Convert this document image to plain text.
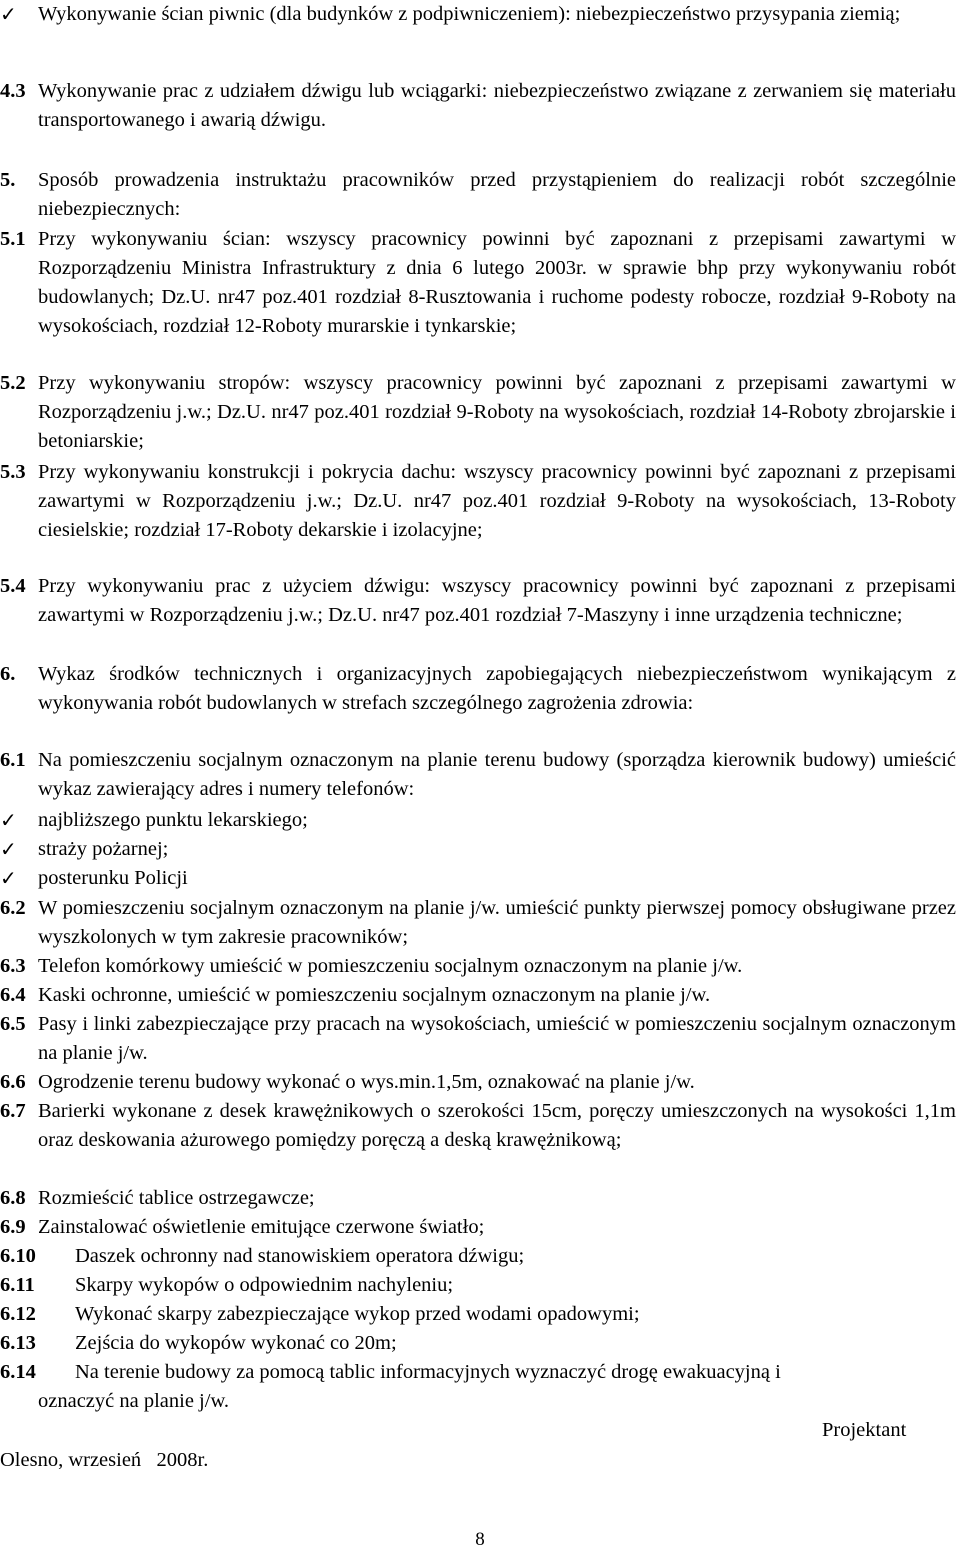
✓ Wykonywanie ścian piwnic (dla budynków z podpiwniczeniem): niebezpieczeństwo przysypania ziemią;
4.3 Wykonywanie prac z udziałem dźwigu lub wciągarki: niebezpieczeństwo związane z zerwaniem się materiału transportowanego i awarią dźwigu.
5. Sposób prowadzenia instruktażu pracowników przed przystąpieniem do realizacji robót szczególnie niebezpiecznych:
5.1 Przy wykonywaniu ścian: wszyscy pracownicy powinni być zapoznani z przepisami zawartymi w Rozporządzeniu Ministra Infrastruktury z dnia 6 lutego 2003r. w sprawie bhp przy wykonywaniu robót budowlanych; Dz.U. nr47 poz.401 rozdział 8-Rusztowania i ruchome podesty robocze, rozdział 9-Roboty na wysokościach, rozdział 12-Roboty murarskie i tynkarskie;
5.2 Przy wykonywaniu stropów: wszyscy pracownicy powinni być zapoznani z przepisami zawartymi w Rozporządzeniu j.w.; Dz.U. nr47 poz.401 rozdział 9-Roboty na wysokościach, rozdział 14-Roboty zbrojarskie i betoniarskie;
5.3 Przy wykonywaniu konstrukcji i pokrycia dachu: wszyscy pracownicy powinni być zapoznani z przepisami zawartymi w Rozporządzeniu j.w.; Dz.U. nr47 poz.401 rozdział 9-Roboty na wysokościach, 13-Roboty ciesielskie; rozdział 17-Roboty dekarskie i izolacyjne;
5.4 Przy wykonywaniu prac z użyciem dźwigu: wszyscy pracownicy powinni być zapoznani z przepisami zawartymi w Rozporządzeniu j.w.; Dz.U. nr47 poz.401 rozdział 7-Maszyny i inne urządzenia techniczne;
6. Wykaz środków technicznych i organizacyjnych zapobiegających niebezpieczeństwom wynikającym z wykonywania robót budowlanych w strefach szczególnego zagrożenia zdrowia:
6.1 Na pomieszczeniu socjalnym oznaczonym na planie terenu budowy (sporządza kierownik budowy) umieścić wykaz zawierający adres i numery telefonów:
✓ najbliższego punktu lekarskiego;
✓ straży pożarnej;
✓ posterunku Policji
6.2 W pomieszczeniu socjalnym oznaczonym na planie j/w. umieścić punkty pierwszej pomocy obsługiwane przez wyszkolonych w tym zakresie pracowników;
6.3 Telefon komórkowy umieścić w pomieszczeniu socjalnym oznaczonym na planie j/w.
6.4 Kaski ochronne, umieścić w pomieszczeniu socjalnym oznaczonym na planie j/w.
6.5 Pasy i linki zabezpieczające przy pracach na wysokościach, umieścić w pomieszczeniu socjalnym oznaczonym na planie j/w.
6.6 Ogrodzenie terenu budowy wykonać o wys.min.1,5m, oznakować na planie j/w.
6.7 Barierki wykonane z desek krawężnikowych o szerokości 15cm, poręczy umieszczonych na wysokości 1,1m oraz deskowania ażurowego pomiędzy poręczą a deską krawężnikową;
6.8 Rozmieścić tablice ostrzegawcze;
6.9 Zainstalować oświetlenie emitujące czerwone światło;
6.10 Daszek ochronny nad stanowiskiem operatora dźwigu;
6.11 Skarpy wykopów o odpowiednim nachyleniu;
6.12 Wykonać skarpy zabezpieczające wykop przed wodami opadowymi;
6.13 Zejścia do wykopów wykonać co 20m;
6.14 Na terenie budowy za pomocą tablic informacyjnych wyznaczyć drogę ewakuacyjną i
oznaczyć na planie j/w.
Projektant
Olesno, wrzesień   2008r.
8
